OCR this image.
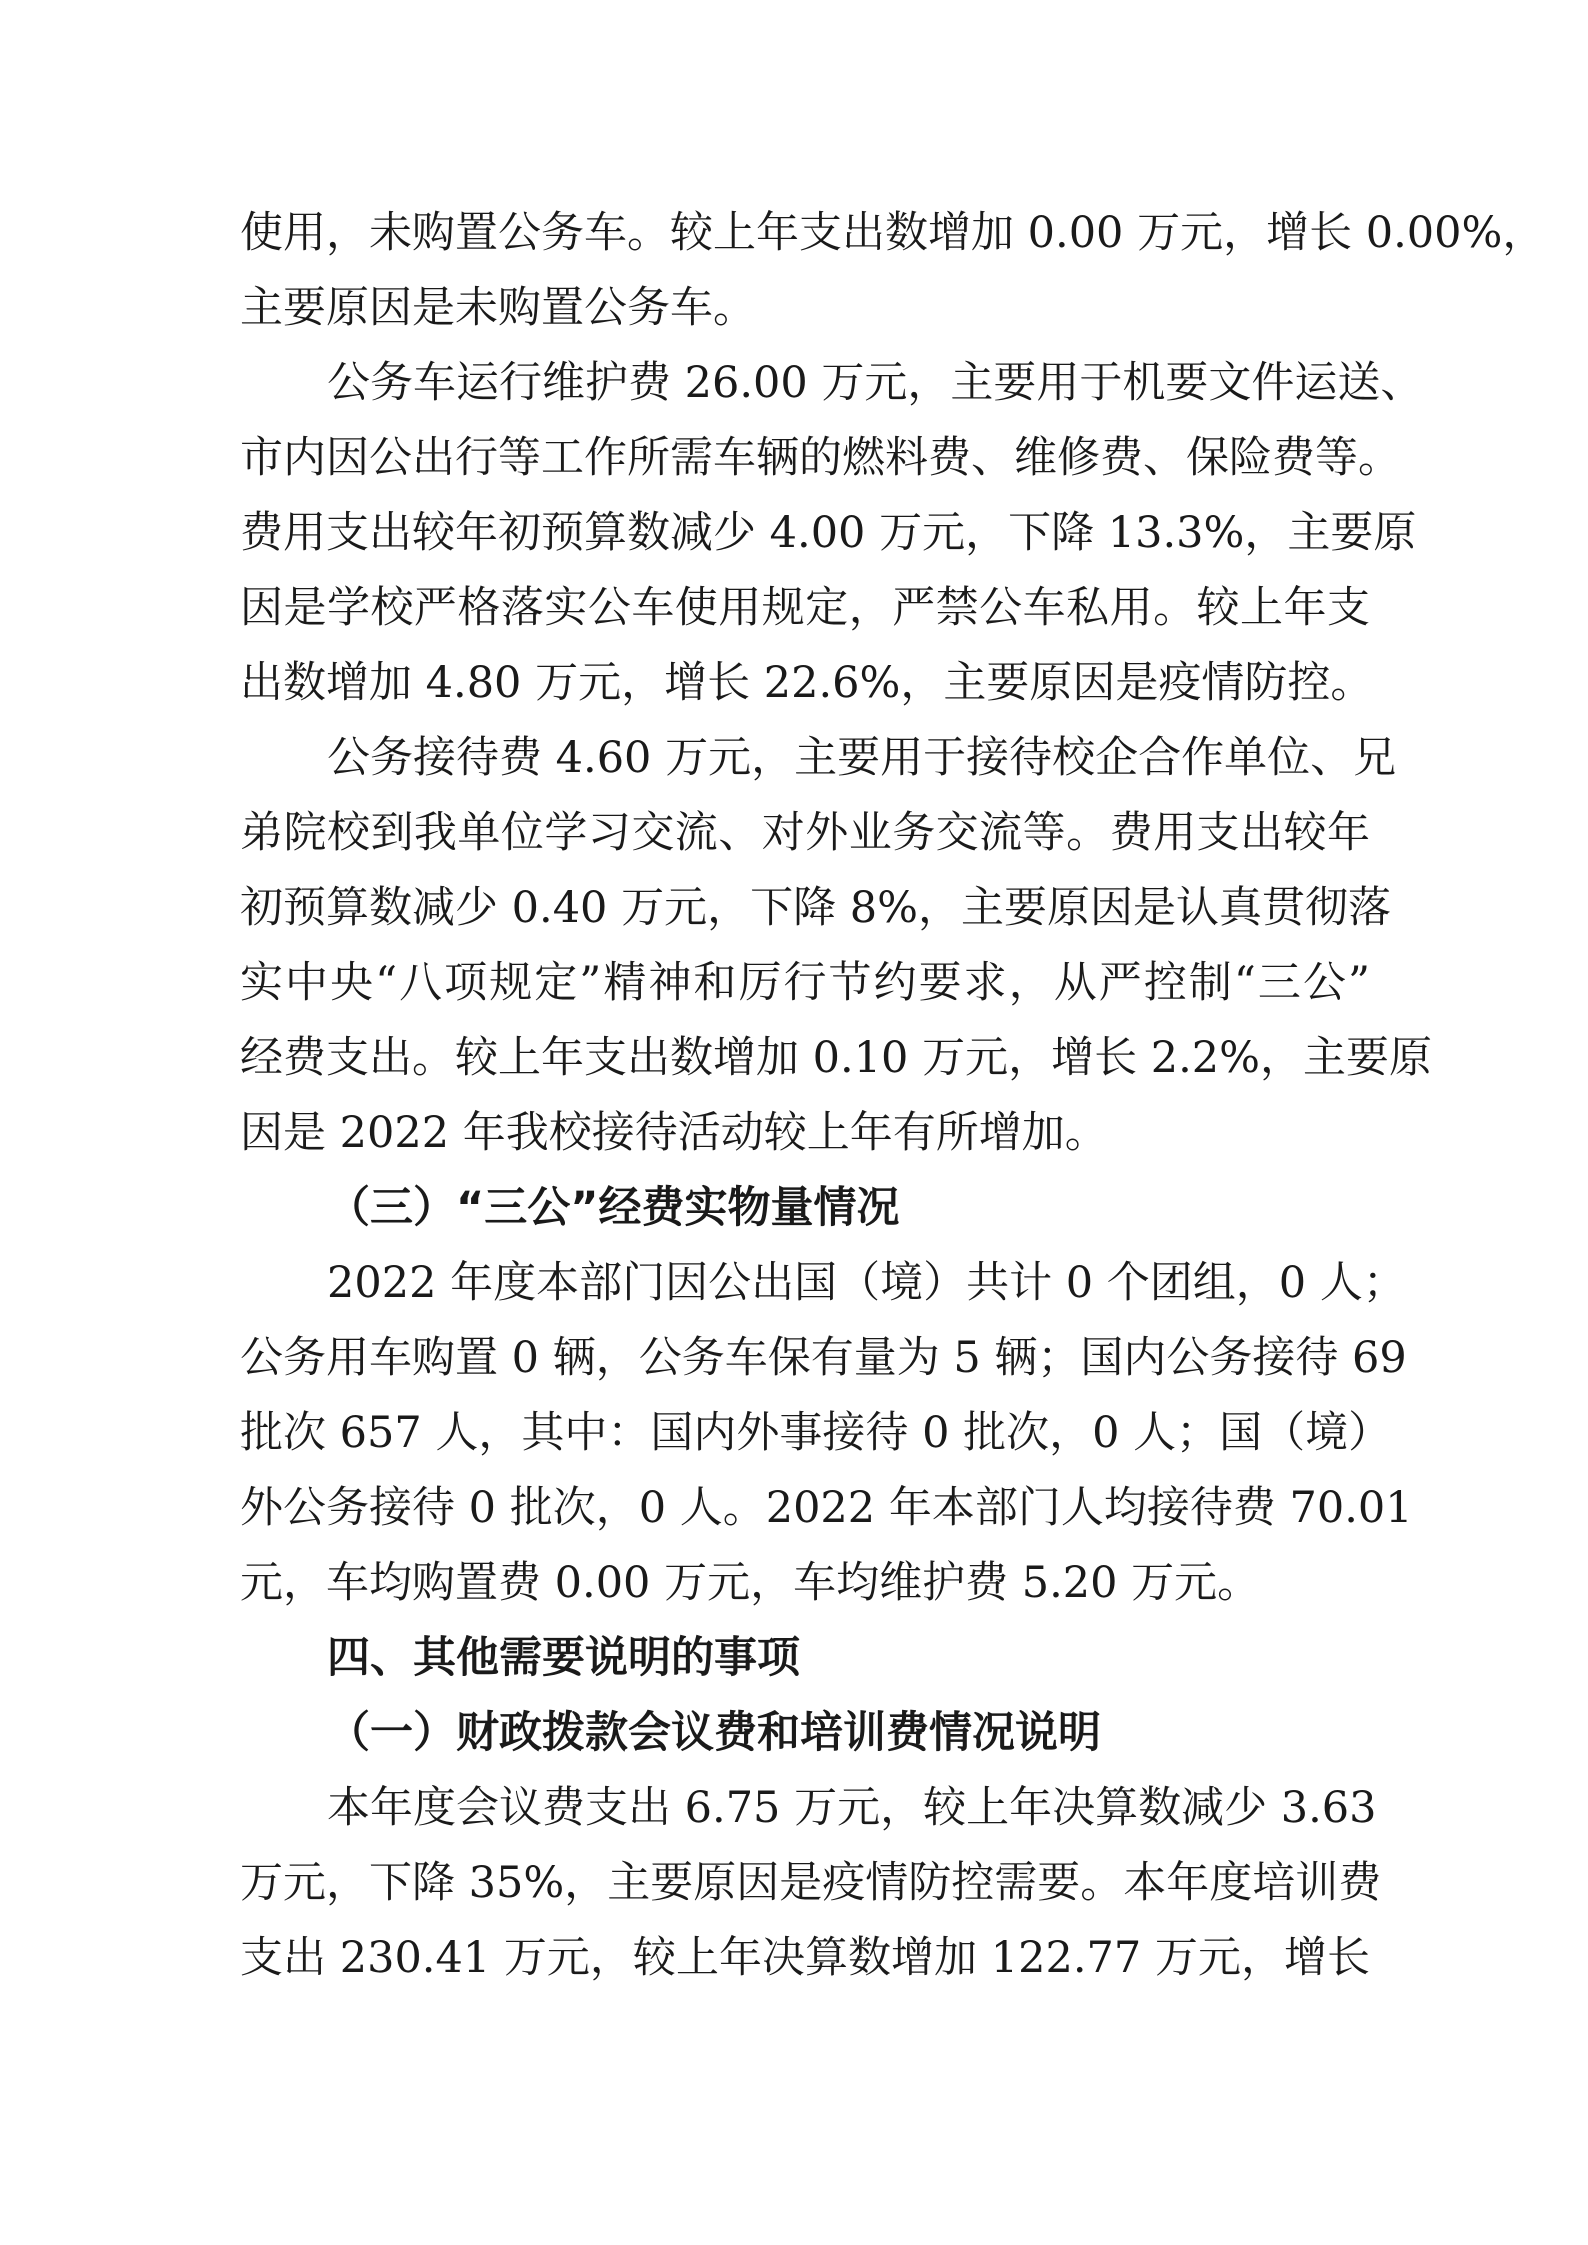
使用，未购置公务车。较上年支出数增加 0.00 万元，增长 0.00%，
主要原因是未购置公务车。
公务车运行维护费 26.00 万元，主要用于机要文件运送、
市内因公出行等工作所需车辆的燃料费、维修费、保险费等。
费用支出较年初预算数减少 4.00 万元，下降 13.3%，主要原
因是学校严格落实公车使用规定，严禁公车私用。较上年支
出数增加 4.80 万元，增长 22.6%，主要原因是疫情防控。
公务接待费 4.60 万元，主要用于接待校企合作单位、兄
弟院校到我单位学习交流、对外业务交流等。费用支出较年
初预算数减少 0.40 万元，下降 8%，主要原因是认真贯彻落
实中央“八项规定”精神和厉行节约要求，从严控制“三公”
经费支出。较上年支出数增加 0.10 万元，增长 2.2%，主要原
因是 2022 年我校接待活动较上年有所增加。
（三）“三公”经费实物量情况
2022 年度本部门因公出国（境）共计 0 个团组，0 人；
公务用车购置 0 辆，公务车保有量为 5 辆；国内公务接待 69
批次 657 人，其中：国内外事接待 0 批次，0 人；国（境）
外公务接待 0 批次，0 人。2022 年本部门人均接待费 70.01
元，车均购置费 0.00 万元，车均维护费 5.20 万元。
四、其他需要说明的事项
（一）财政拨款会议费和培训费情况说明
本年度会议费支出 6.75 万元，较上年决算数减少 3.63
万元，下降 35%，主要原因是疫情防控需要。本年度培训费
支出 230.41 万元，较上年决算数增加 122.77 万元，增长
